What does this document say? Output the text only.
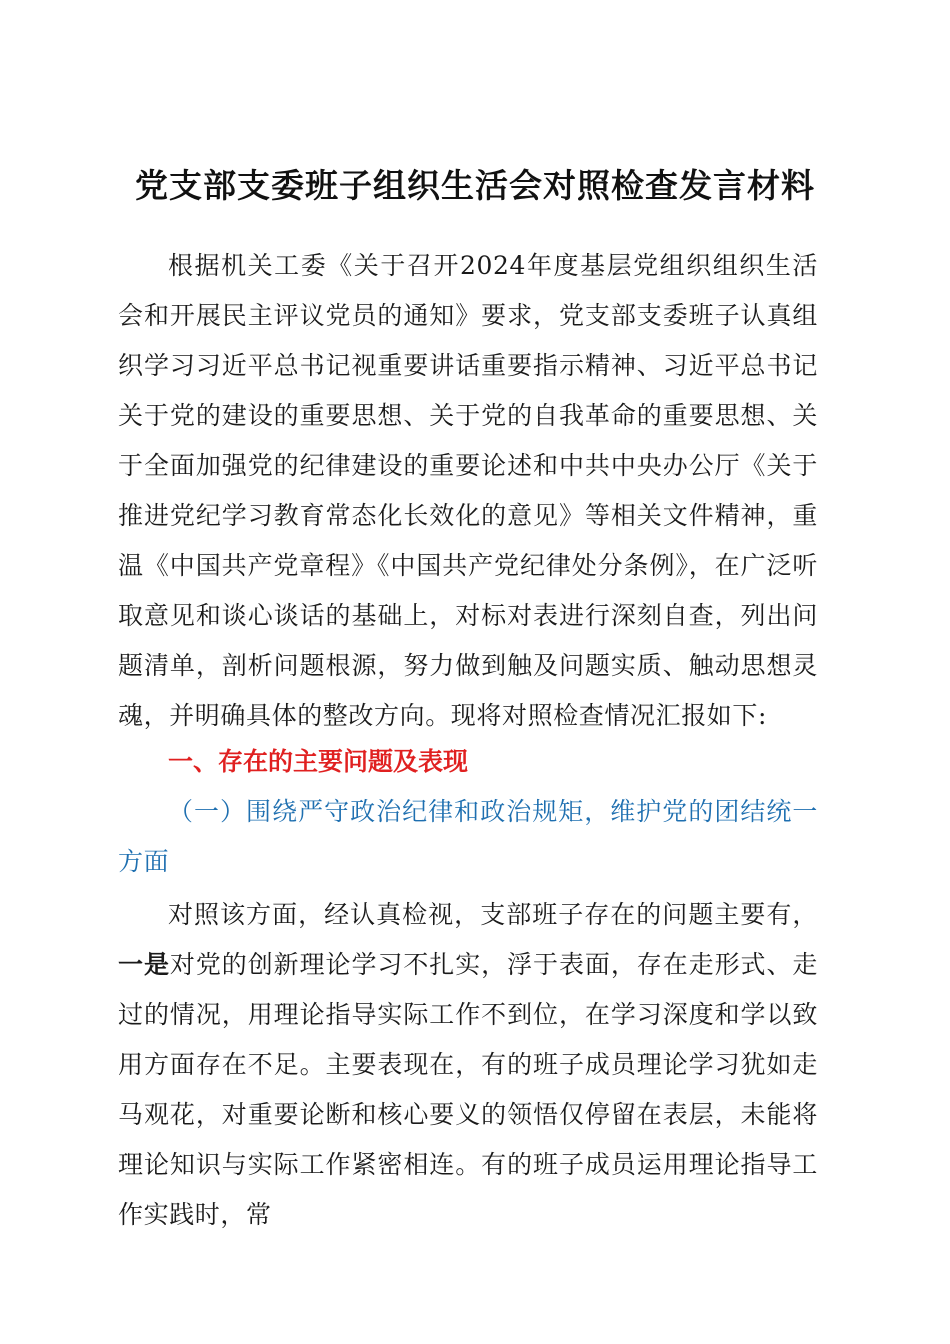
党支部支委班子组织生活会对照检查发言材料
根据机关工委《关于召开2024年度基层党组织组织生活会和开展民主评议党员的通知》要求，党支部支委班子认真组织学习习近平总书记视重要讲话重要指示精神、习近平总书记关于党的建设的重要思想、关于党的自我革命的重要思想、关于全面加强党的纪律建设的重要论述和中共中央办公厅《关于推进党纪学习教育常态化长效化的意见》等相关文件精神，重温《中国共产党章程》《中国共产党纪律处分条例》，在广泛听取意见和谈心谈话的基础上，对标对表进行深刻自查，列出问题清单，剖析问题根源，努力做到触及问题实质、触动思想灵魂，并明确具体的整改方向。现将对照检查情况汇报如下:
一、存在的主要问题及表现
（一）围绕严守政治纪律和政治规矩，维护党的团结统一方面
对照该方面，经认真检视，支部班子存在的问题主要有，一是对党的创新理论学习不扎实，浮于表面，存在走形式、走过的情况，用理论指导实际工作不到位，在学习深度和学以致用方面存在不足。主要表现在，有的班子成员理论学习犹如走马观花，对重要论断和核心要义的领悟仅停留在表层，未能将理论知识与实际工作紧密相连。有的班子成员运用理论指导工作实践时，常
